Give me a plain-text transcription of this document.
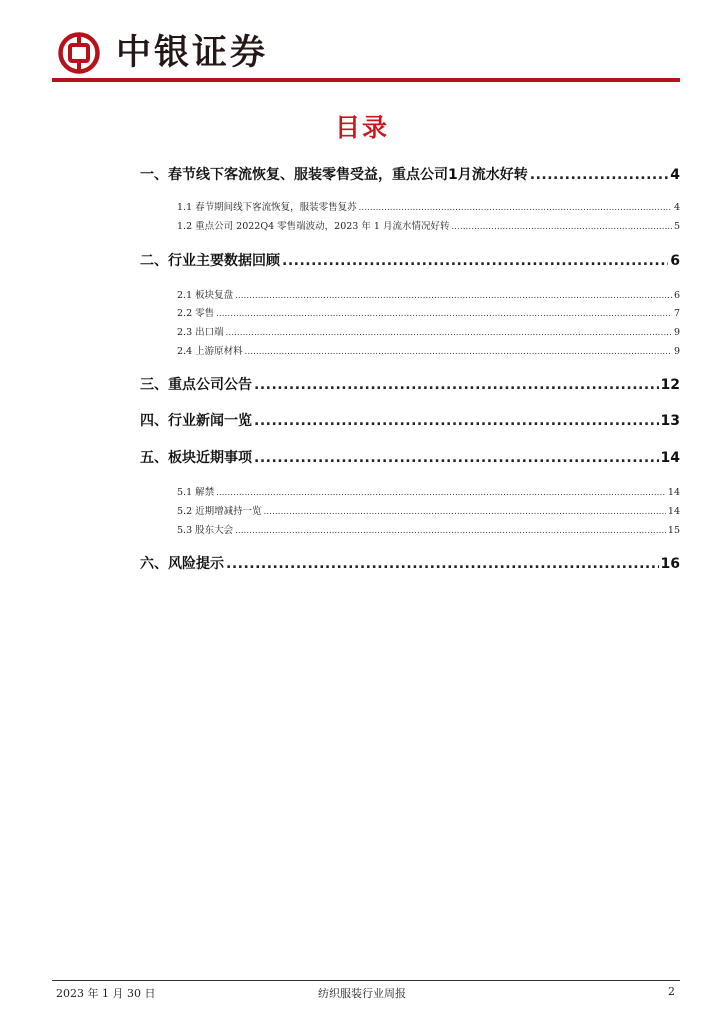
中银证券
目录
一、春节线下客流恢复、服装零售受益，重点公司1月流水好转 .....	4
1.1 春节期间线下客流恢复，服装零售复苏 .....	4
1.2 重点公司 2022Q4 零售端波动，2023 年 1 月流水情况好转 .....	5
二、行业主要数据回顾 .....	6
2.1 板块复盘 .....	6
2.2 零售 .....	7
2.3 出口端 .....	9
2.4 上游原材料 .....	9
三、重点公司公告 .....	12
四、行业新闻一览 .....	13
五、板块近期事项 .....	14
5.1 解禁 .....	14
5.2 近期增减持一览 .....	14
5.3 股东大会 .....	15
六、风险提示 .....	16
2023 年 1 月 30 日	纺织服装行业周报	2
